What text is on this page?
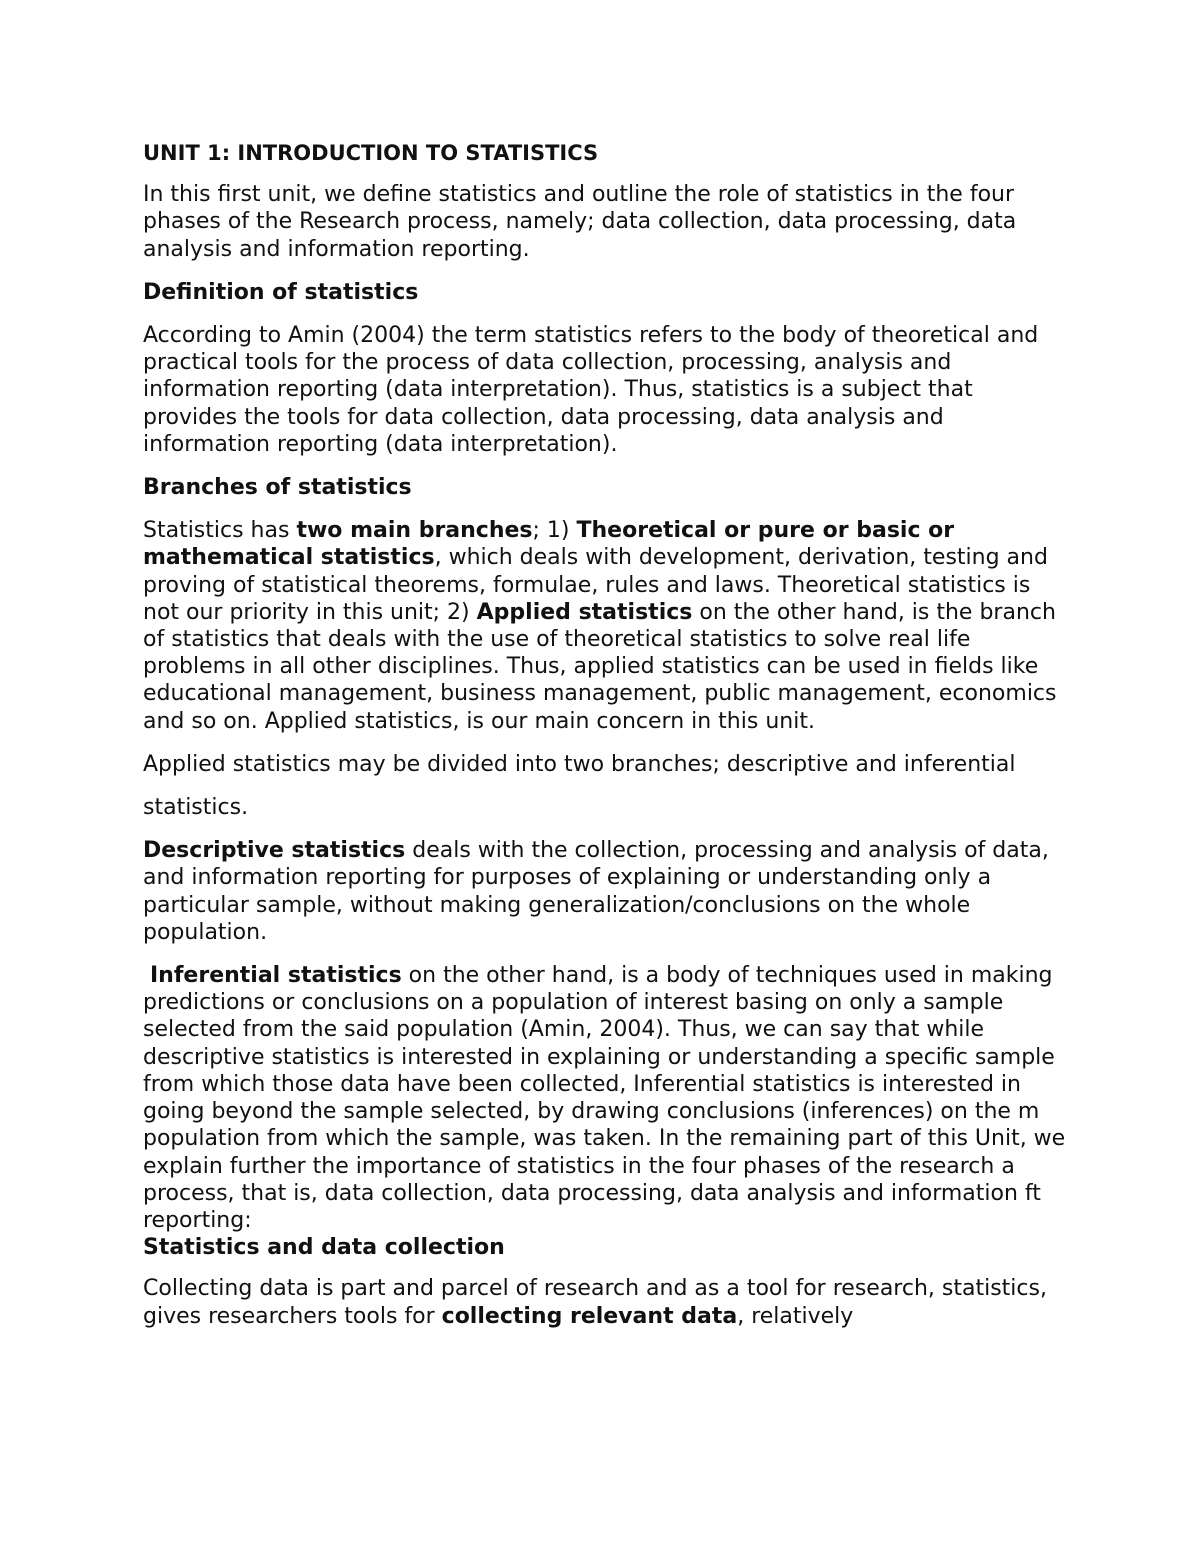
UNIT 1: INTRODUCTION TO STATISTICS
In this first unit, we define statistics and outline the role of statistics in the four phases of the Research process, namely; data collection, data processing, data analysis and information reporting.
Definition of statistics
According to Amin (2004) the term statistics refers to the body of theoretical and practical tools for the process of data collection, processing, analysis and information reporting (data interpretation). Thus, statistics is a subject that provides the tools for data collection, data processing, data analysis and information reporting (data interpretation).
Branches of statistics
Statistics has two main branches; 1) Theoretical or pure or basic or mathematical statistics, which deals with development, derivation, testing and proving of statistical theorems, formulae, rules and laws. Theoretical statistics is not our priority in this unit; 2) Applied statistics on the other hand, is the branch of statistics that deals with the use of theoretical statistics to solve real life problems in all other disciplines. Thus, applied statistics can be used in fields like educational management, business management, public management, economics and so on. Applied statistics, is our main concern in this unit.
Applied statistics may be divided into two branches; descriptive and inferential
statistics.
Descriptive statistics deals with the collection, processing and analysis of data, and information reporting for purposes of explaining or understanding only a particular sample, without making generalization/conclusions on the whole population.
Inferential statistics on the other hand, is a body of techniques used in making predictions or conclusions on a population of interest basing on only a sample selected from the said population (Amin, 2004). Thus, we can say that while descriptive statistics is interested in explaining or understanding a specific sample from which those data have been collected, Inferential statistics is interested in going beyond the sample selected, by drawing conclusions (inferences) on the m population from which the sample, was taken. In the remaining part of this Unit, we explain further the importance of statistics in the four phases of the research a process, that is, data collection, data processing, data analysis and information ft reporting:
Statistics and data collection
Collecting data is part and parcel of research and as a tool for research, statistics, gives researchers tools for collecting relevant data, relatively
